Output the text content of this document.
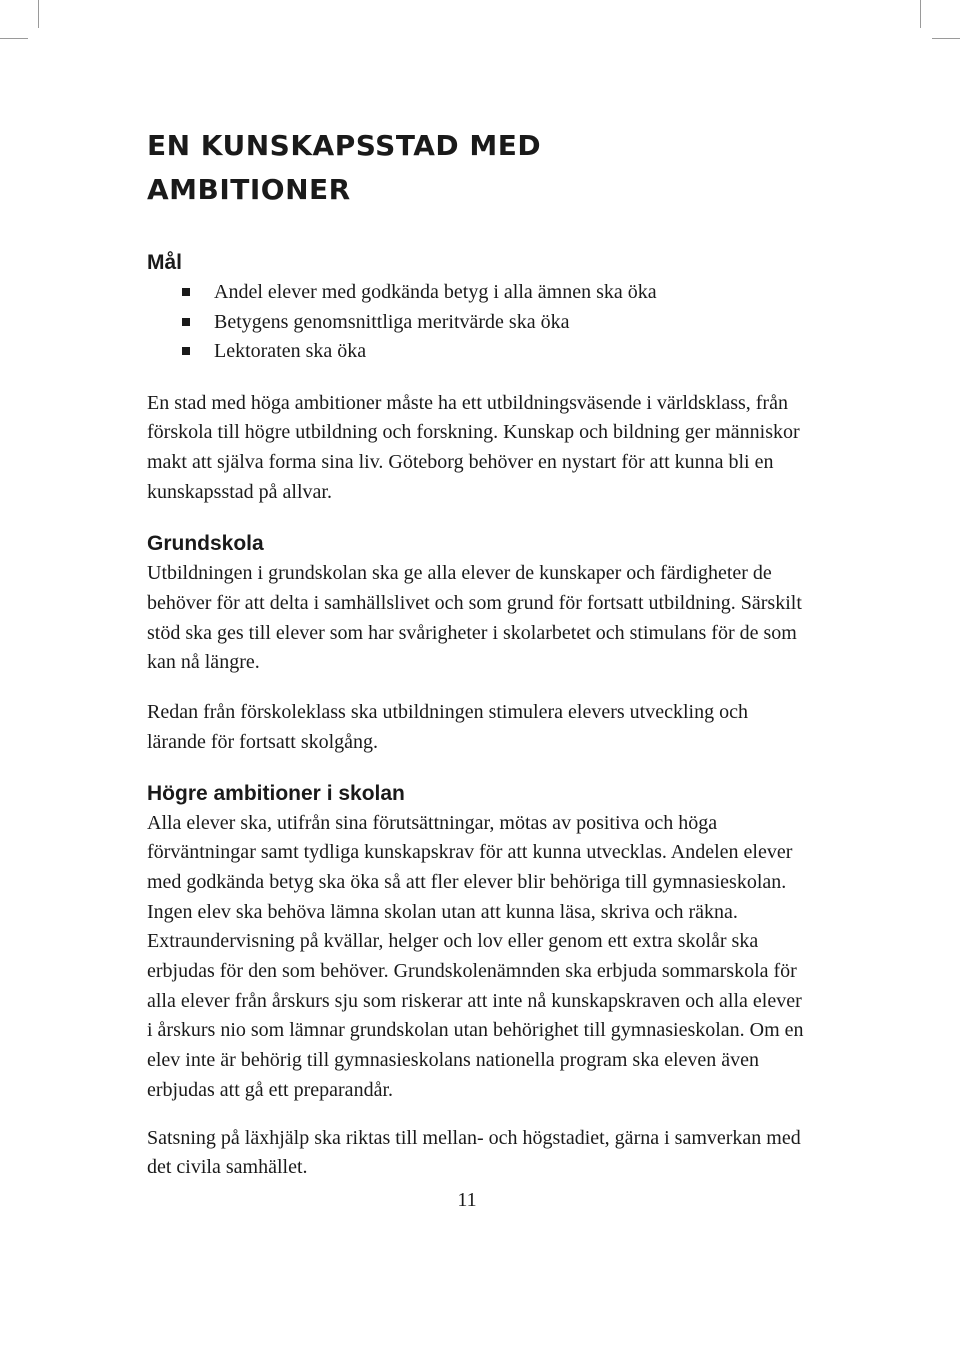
EN KUNSKAPSSTAD MED
AMBITIONER
Mål
Andel elever med godkända betyg i alla ämnen ska öka
Betygens genomsnittliga meritvärde ska öka
Lektoraten ska öka

En stad med höga ambitioner måste ha ett utbildningsväsende i världsklass, från förskola till högre utbildning och forskning. Kunskap och bildning ger människor makt att själva forma sina liv. Göteborg behöver en nystart för att kunna bli en kunskapsstad på allvar.

Grundskola

Utbildningen i grundskolan ska ge alla elever de kunskaper och färdigheter de behöver för att delta i samhällslivet och som grund för fortsatt utbildning. Särskilt stöd ska ges till elever som har svårigheter i skolarbetet och stimulans för de som kan nå längre.

Redan från förskoleklass ska utbildningen stimulera elevers utveckling och lärande för fortsatt skolgång.

Högre ambitioner i skolan

Alla elever ska, utifrån sina förutsättningar, mötas av positiva och höga förväntningar samt tydliga kunskapskrav för att kunna utvecklas. Andelen elever med godkända betyg ska öka så att fler elever blir behöriga till gymnasieskolan. Ingen elev ska behöva lämna skolan utan att kunna läsa, skriva och räkna. Extraundervisning på kvällar, helger och lov eller genom ett extra skolår ska erbjudas för den som behöver. Grundskolenämnden ska erbjuda sommarskola för alla elever från årskurs sju som riskerar att inte nå kunskapskraven och alla elever i årskurs nio som lämnar grundskolan utan behörighet till gymnasieskolan. Om en elev inte är behörig till gymnasieskolans nationella program ska eleven även erbjudas att gå ett preparandår.

Satsning på läxhjälp ska riktas till mellan- och högstadiet, gärna i samverkan med det civila samhället.

11
